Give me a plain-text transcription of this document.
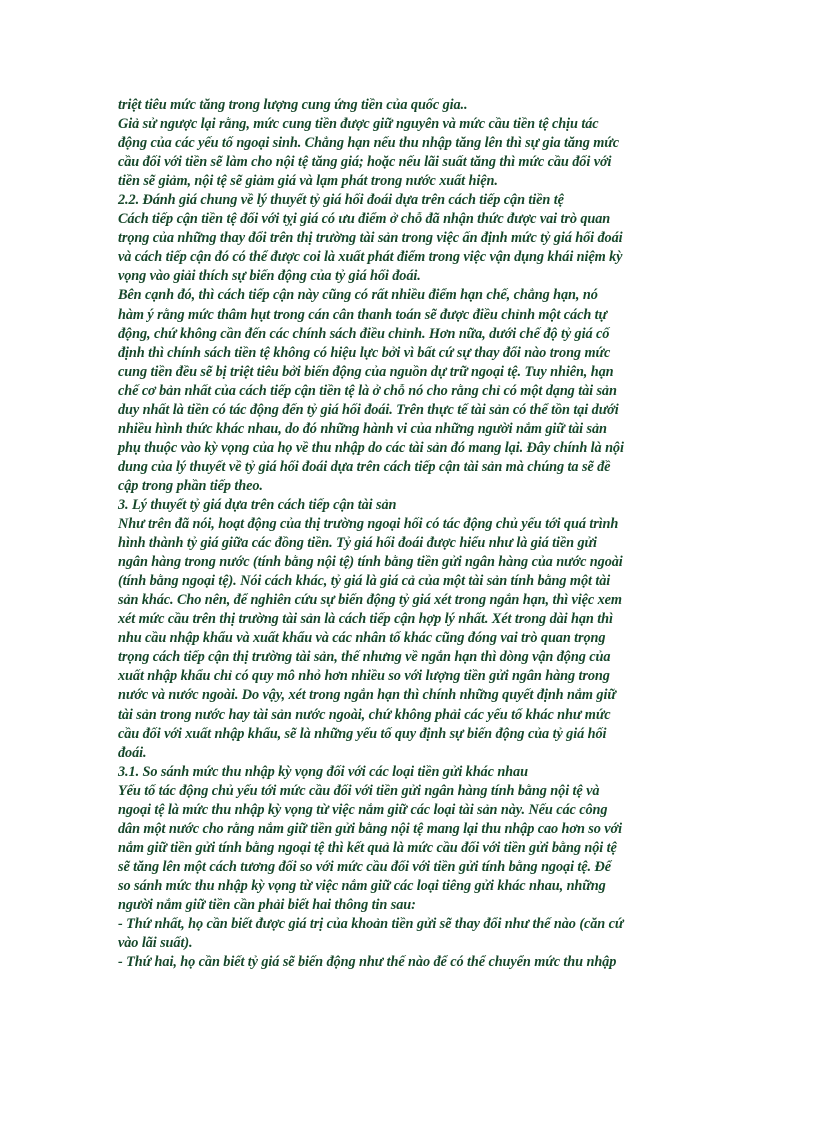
triệt tiêu mức tăng trong lượng cung ứng tiền của quốc gia..
Giả sử ngược lại rằng, mức cung tiền được giữ nguyên và mức cầu tiền tệ chịu tác
động của các yếu tố ngoại sinh. Chẳng hạn nếu thu nhập tăng lên thì sự gia tăng mức
cầu đối với tiền sẽ làm cho nội tệ tăng giá; hoặc nếu lãi suất tăng thì mức cầu đối với
tiền sẽ giảm, nội tệ sẽ giảm giá và lạm phát trong nước xuất hiện.
2.2. Đánh giá chung về lý thuyết tỷ giá hối đoái dựa trên cách tiếp cận tiền tệ
Cách tiếp cận tiền tệ đối với tỵi giá có ưu điểm ở chỗ đã nhận thức được vai trò quan
trọng của những thay đổi trên thị trường tài sản trong việc ấn định mức tỷ giá hối đoái
và cách tiếp cận đó có thể được coi là xuất phát điểm trong việc vận dụng khái niệm kỳ
vọng vào giải thích sự biến động của tỷ giá hối đoái.
Bên cạnh đó, thì cách tiếp cận này cũng có rất nhiều điểm hạn chế, chẳng hạn, nó
hàm ý rằng mức thâm hụt trong cán cân thanh toán sẽ được điều chỉnh một cách tự
động, chứ không cần đến các chính sách điều chỉnh. Hơn nữa, dưới chế độ tỷ giá cố
định thì chính sách tiền tệ không có hiệu lực bởi vì bất cứ sự thay đổi nào trong mức
cung tiền đều sẽ bị triệt tiêu bởi biến động của nguồn dự trữ ngoại tệ. Tuy nhiên, hạn
chế cơ bản nhất của cách tiếp cận tiền tệ là ở chỗ nó cho rằng chỉ có một dạng tài sản
duy nhất là tiền có tác động đến tỷ giá hối đoái. Trên thực tế tài sản có thể tồn tại dưới
nhiều hình thức khác nhau, do đó những hành vi của những người nắm giữ tài sản
phụ thuộc vào kỳ vọng của họ về thu nhập do các tài sản đó mang lại. Đây chính là nội
dung của lý thuyết về tỷ giá hối đoái dựa trên cách tiếp cận tài sản mà chúng ta sẽ đề
cập trong phần tiếp theo.
3. Lý thuyết tỷ giá dựa trên cách tiếp cận tài sản
Như trên đã nói, hoạt động của thị trường ngoại hối có tác động chủ yếu tới quá trình
hình thành tỷ giá giữa các đồng tiền. Tỷ giá hối đoái được hiểu như là giá tiền gửi
ngân hàng trong nước (tính bằng nội tệ) tính bằng tiền gửi ngân hàng của nước ngoài
(tính bằng ngoại tệ). Nói cách khác, tỷ giá là giá cả của một tài sản tính bằng một tài
sản khác. Cho nên, để nghiên cứu sự biến động tỷ giá xét trong ngắn hạn, thì việc xem
xét mức cầu trên thị trường tài sản là cách tiếp cận hợp lý nhất. Xét trong dài hạn thì
nhu cầu nhập khẩu và xuất khẩu và các nhân tố khác cũng đóng vai trò quan trọng
trọng cách tiếp cận thị trường tài sản, thế nhưng về ngắn hạn thì dòng vận động của
xuất nhập khẩu chỉ có quy mô nhỏ hơn nhiều so với lượng tiền gửi ngân hàng trong
nước và nước ngoài. Do vậy, xét trong ngắn hạn thì chính những quyết định nắm giữ
tài sản trong nước hay tài sản nước ngoài, chứ không phải các yếu tố khác như mức
cầu đối với xuất nhập khẩu, sẽ là những yếu tố quy định sự biến động của tỷ giá hối
đoái.
3.1. So sánh mức thu nhập kỳ vọng đối với các loại tiền gửi khác nhau
Yếu tố tác động chủ yếu tới mức cầu đối với tiền gửi ngân hàng tính bằng nội tệ và
ngoại tệ là mức thu nhập kỳ vọng từ việc nắm giữ các loại tài sản này. Nếu các công
dân một nước cho rằng nắm giữ tiền gửi bằng nội tệ mang lại thu nhập cao hơn so với
nắm giữ tiền gửi tính bằng ngoại tệ thì kết quả là mức cầu đối với tiền gửi bằng nội tệ
sẽ tăng lên một cách tương đối so với mức cầu đối với tiền gửi tính bằng ngoại tệ. Để
so sánh mức thu nhập kỳ vọng từ việc nắm giữ các loại tiêng gửi khác nhau, những
người nắm giữ tiền cần phải biết hai thông tin sau:
- Thứ nhất, họ cần biết được giá trị của khoản tiền gửi sẽ thay đổi như thế nào (căn cứ
vào lãi suất).
- Thứ hai, họ cần biết tỷ giá sẽ biến động như thế nào để có thể chuyển mức thu nhập
